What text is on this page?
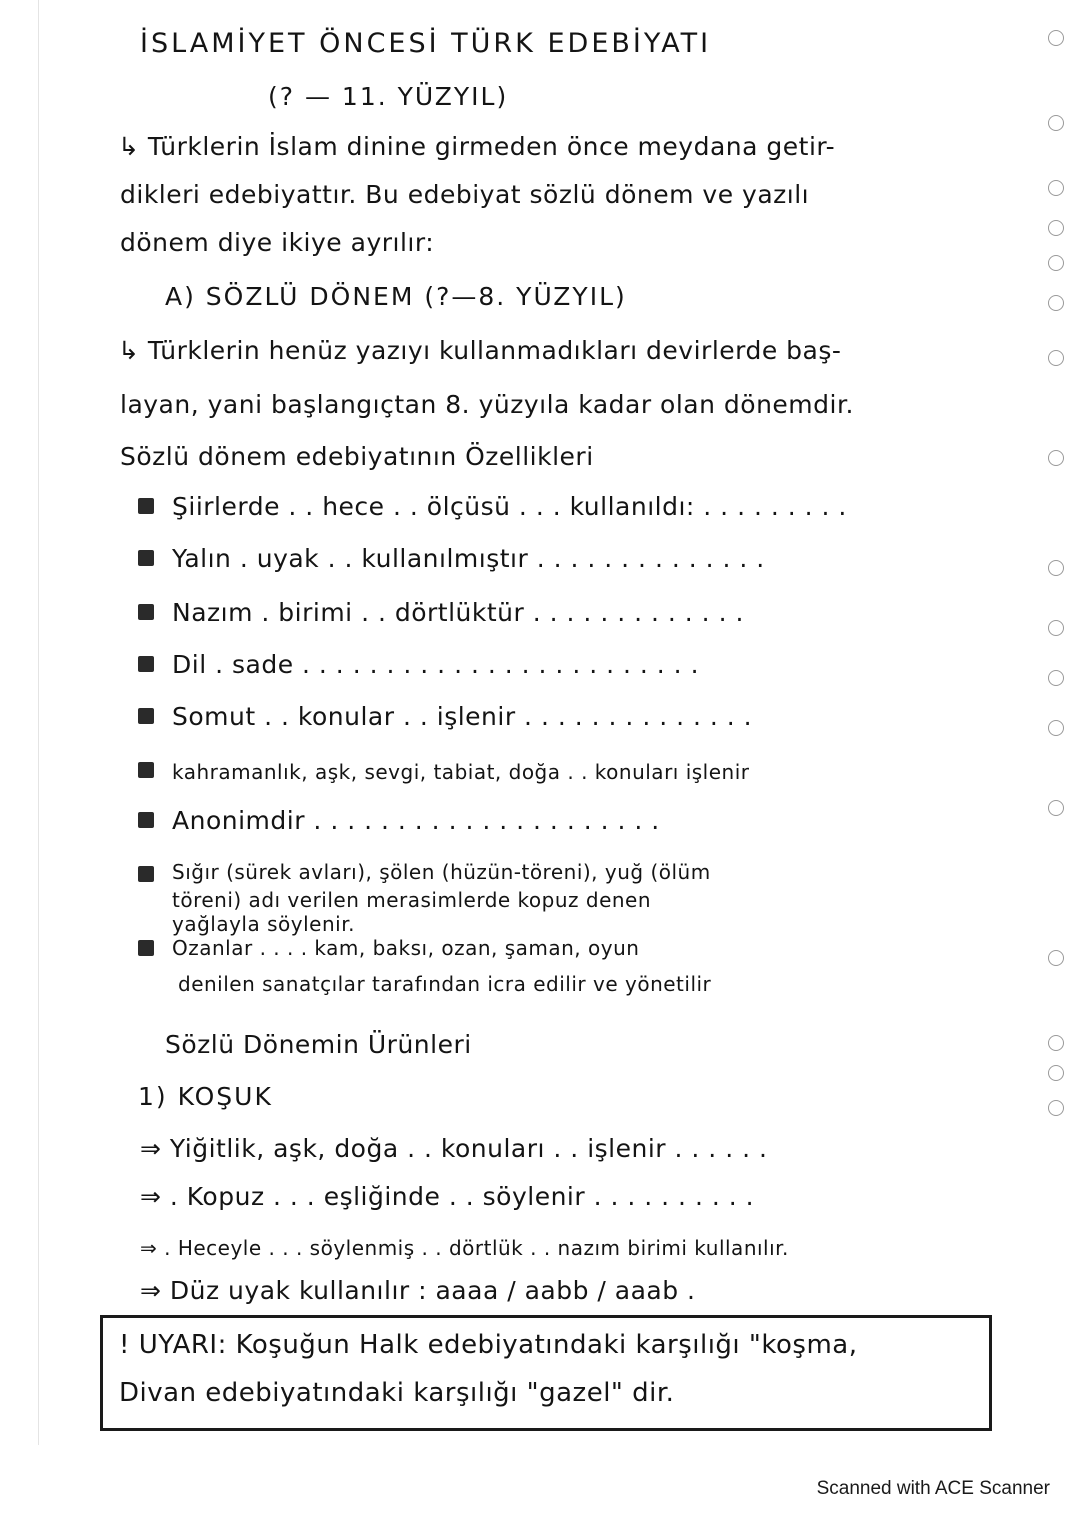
İSLAMİYET ÖNCESİ TÜRK EDEBİYATI
(? — 11. YÜZYIL)
↳ Türklerin İslam dinine girmeden önce meydana getir-
dikleri edebiyattır. Bu edebiyat sözlü dönem ve yazılı
dönem diye ikiye ayrılır:
A) SÖZLÜ DÖNEM (?—8. YÜZYIL)
↳ Türklerin henüz yazıyı kullanmadıkları devirlerde baş-
layan, yani başlangıçtan 8. yüzyıla kadar olan dönemdir.
Sözlü dönem edebiyatının Özellikleri
Şiirlerde . . hece . . ölçüsü . . . kullanıldı: . . . . . . . . .
Yalın . uyak . . kullanılmıştır . . . . . . . . . . . . . .
Nazım . birimi . . dörtlüktür . . . . . . . . . . . . .
Dil . sade . . . . . . . . . . . . . . . . . . . . . . . .
Somut . . konular . . işlenir . . . . . . . . . . . . . .
kahramanlık, aşk, sevgi, tabiat, doğa . . konuları işlenir
Anonimdir . . . . . . . . . . . . . . . . . . . . .
Sığır (sürek avları), şölen (hüzün-töreni), yuğ (ölüm
töreni) adı verilen merasimlerde kopuz denen
yağlayla söylenir.
Ozanlar . . . . kam, baksı, ozan, şaman, oyun
denilen sanatçılar tarafından icra edilir ve yönetilir
Sözlü Dönemin Ürünleri
1) KOŞUK
⇒ Yiğitlik, aşk, doğa . . konuları . . işlenir . . . . . .
⇒ . Kopuz . . . eşliğinde . . söylenir . . . . . . . . . .
⇒ . Heceyle . . . söylenmiş . . dörtlük . . nazım birimi kullanılır.
⇒ Düz uyak kullanılır : aaaa / aabb / aaab .
! UYARI: Koşuğun Halk edebiyatındaki karşılığı "koşma,
Divan edebiyatındaki karşılığı "gazel" dir.
Scanned with ACE Scanner
